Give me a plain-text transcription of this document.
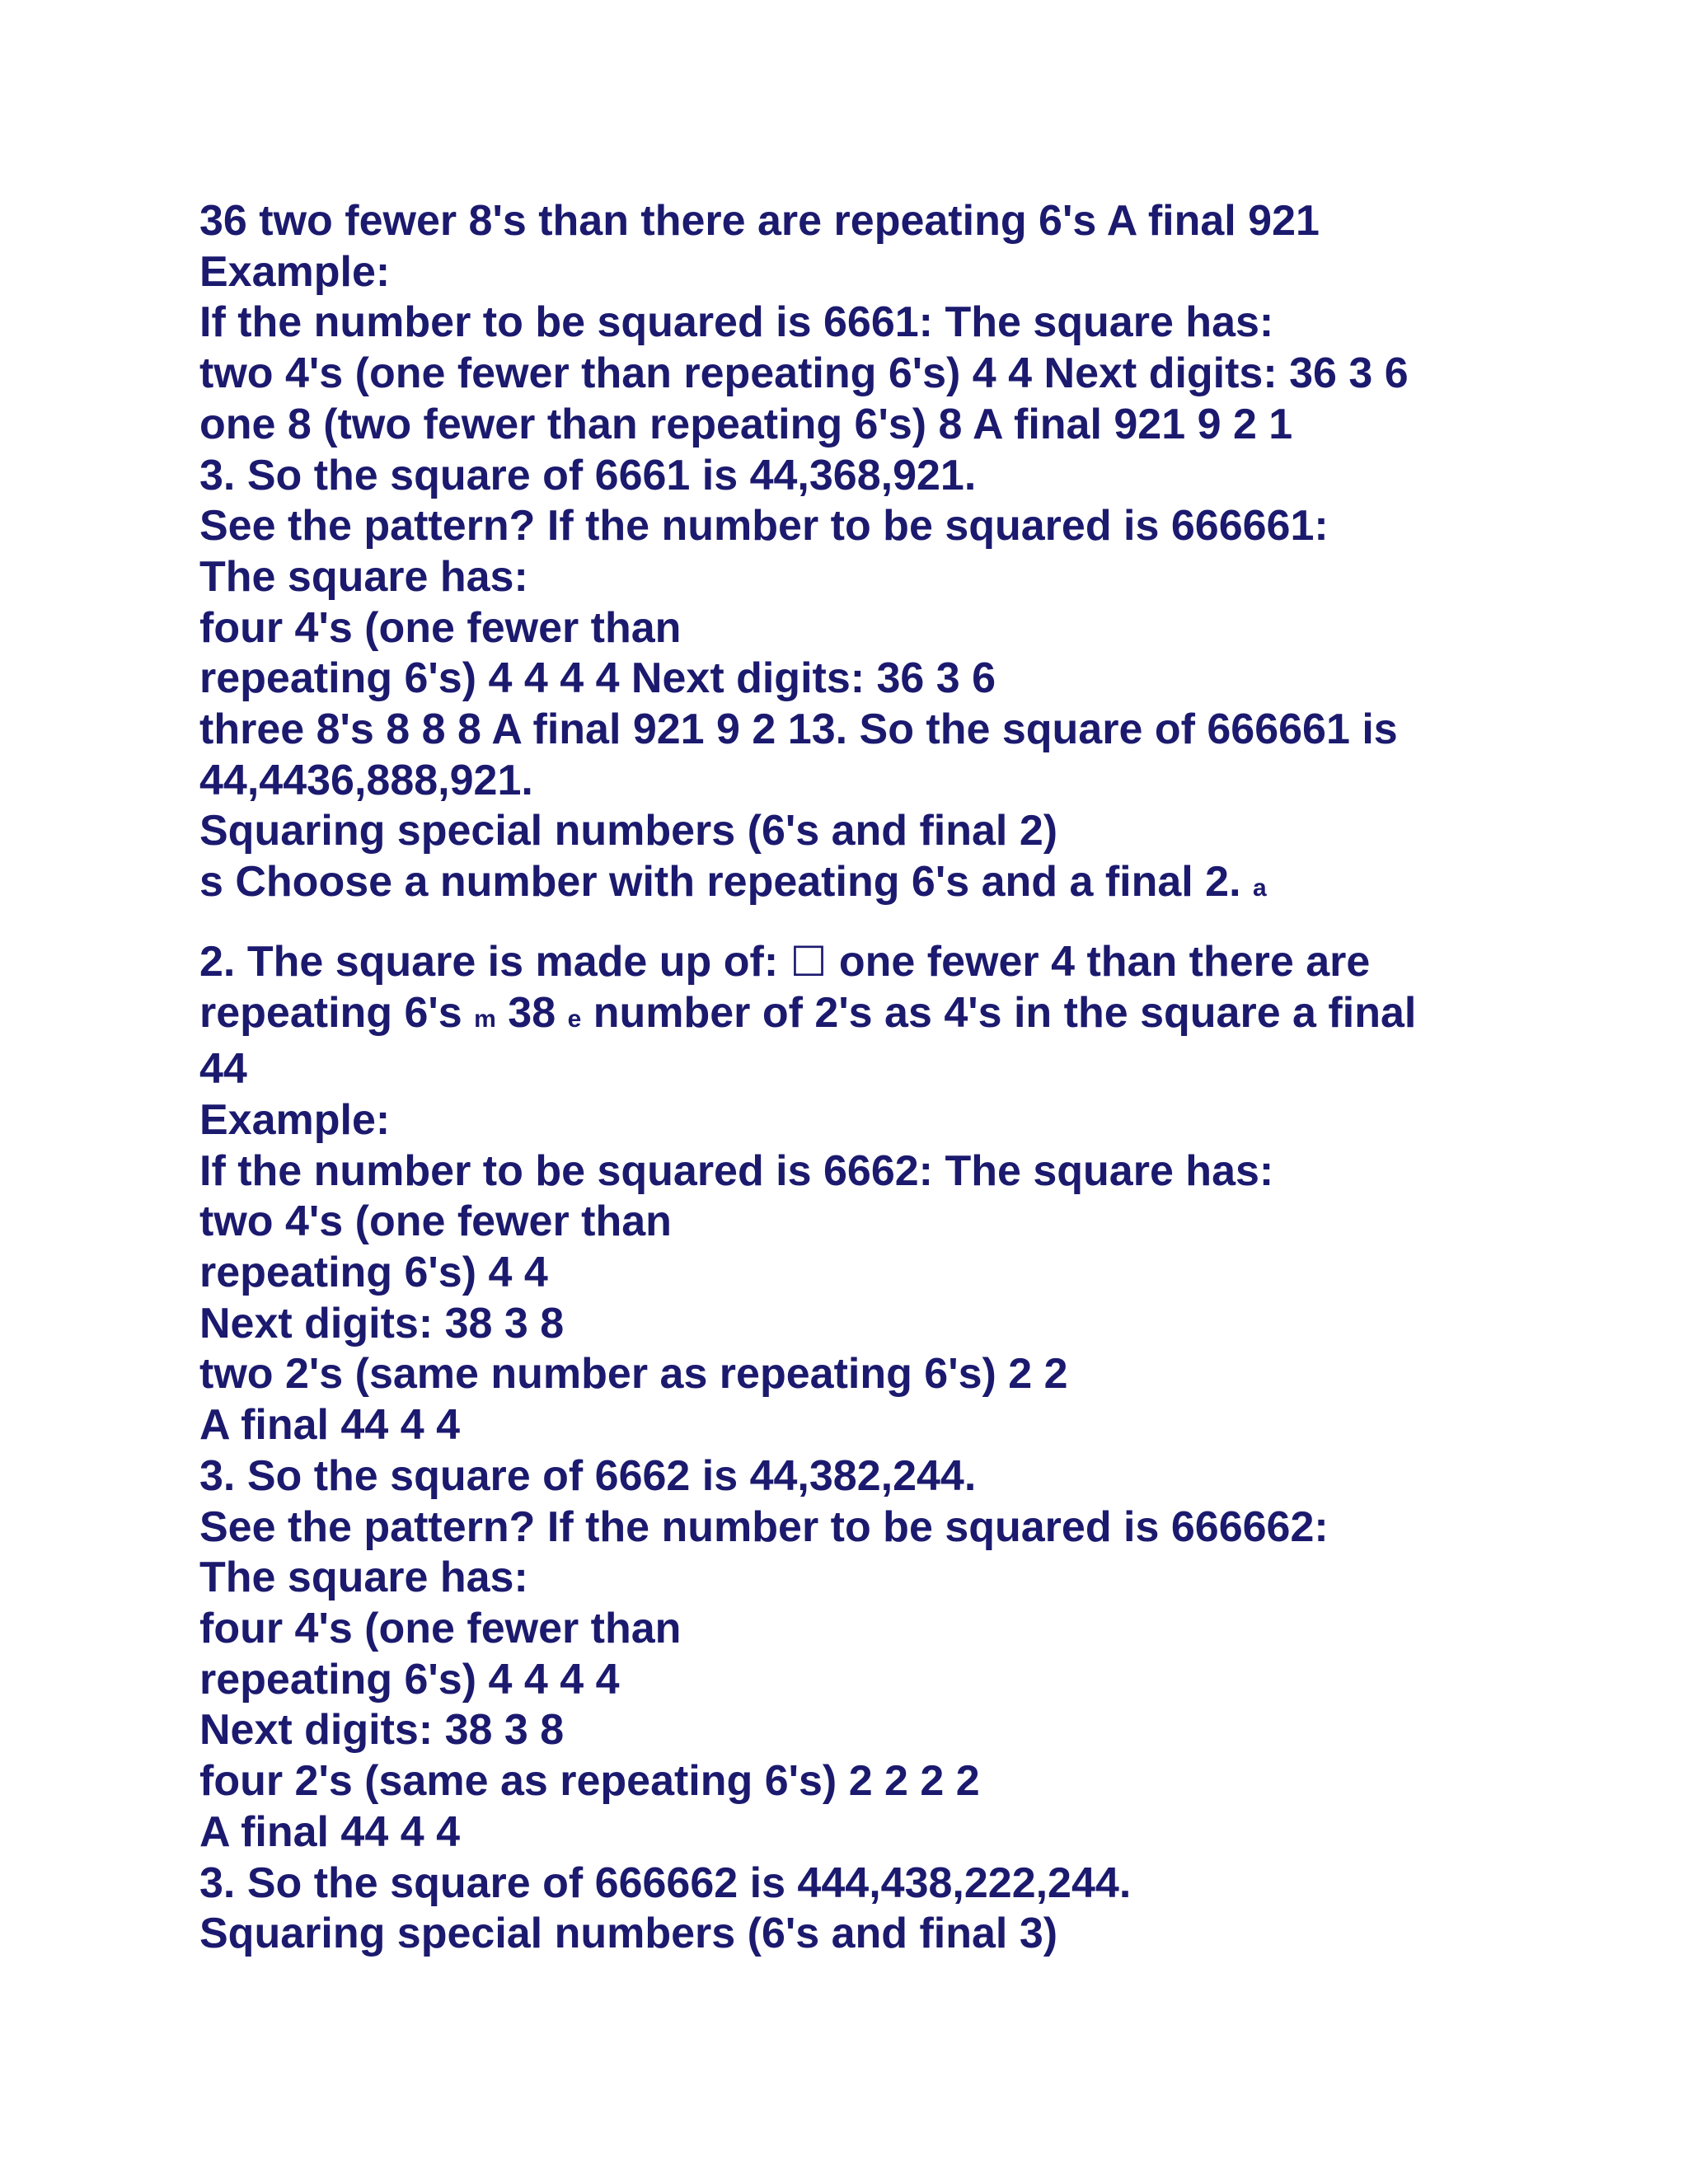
36 two fewer 8's than there are repeating 6's A final 921
Example:
If the number to be squared is 6661: The square has:
two 4's (one fewer than repeating 6's) 4 4 Next digits: 36 3 6
one 8 (two fewer than repeating 6's) 8 A final 921 9 2 1
3. So the square of 6661 is 44,368,921.
See the pattern? If the number to be squared is 666661:
The square has:
four 4's (one fewer than
repeating 6's) 4 4 4 4 Next digits: 36 3 6
three 8's 8 8 8 A final 921 9 2 13. So the square of 666661 is
44,4436,888,921.
Squaring special numbers (6's and final 2)
s Choose a number with repeating 6's and a final 2. a
2. The square is made up of: ☐ one fewer 4 than there are
repeating 6's m 38 e number of 2's as 4's in the square a final
44
Example:
If the number to be squared is 6662: The square has:
two 4's (one fewer than
repeating 6's) 4 4
Next digits: 38 3 8
two 2's (same number as repeating 6's) 2 2
A final 44 4 4
3. So the square of 6662 is 44,382,244.
See the pattern? If the number to be squared is 666662:
The square has:
four 4's (one fewer than
repeating 6's) 4 4 4 4
Next digits: 38 3 8
four 2's (same as repeating 6's) 2 2 2 2
A final 44 4 4
3. So the square of 666662 is 444,438,222,244.
Squaring special numbers (6's and final 3)
